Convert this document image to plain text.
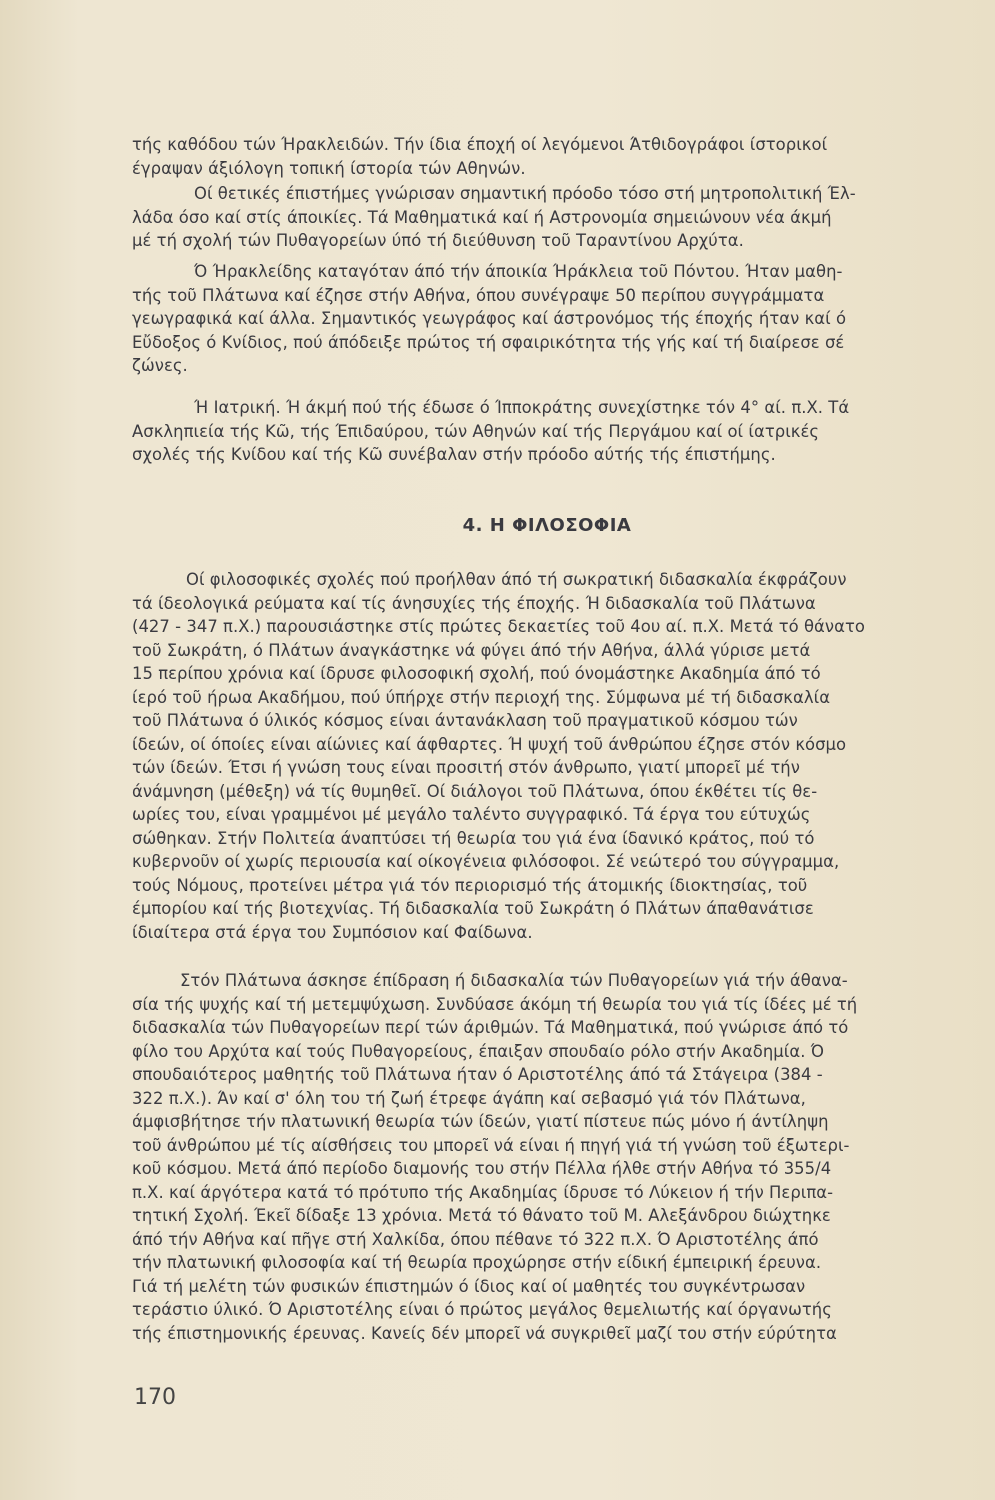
τής καθόδου τών Ήρακλειδών. Τήν ίδια έποχή οί λεγόμενοι Άτθιδογράφοι ίστορικοί
έγραψαν άξιόλογη τοπική ίστορία τών Αθηνών.
Οί θετικές έπιστήμες γνώρισαν σημαντική πρόοδο τόσο στή μητροπολιτική Έλ-
λάδα όσο καί στίς άποικίες. Τά Μαθηματικά καί ή Αστρονομία σημειώνουν νέα άκμή
μέ τή σχολή τών Πυθαγορείων ύπό τή διεύθυνση τοῦ Ταραντίνου Αρχύτα.
Ό Ήρακλείδης καταγόταν άπό τήν άποικία Ήράκλεια τοῦ Πόντου. Ήταν μαθη-
τής τοῦ Πλάτωνα καί έζησε στήν Αθήνα, όπου συνέγραψε 50 περίπου συγγράμματα
γεωγραφικά καί άλλα. Σημαντικός γεωγράφος καί άστρονόμος τής έποχής ήταν καί ό
Εὔδοξος ό Κνίδιος, πού άπόδειξε πρώτος τή σφαιρικότητα τής γής καί τή διαίρεσε σέ
ζώνες.
Ή Ιατρική. Ή άκμή πού τής έδωσε ό Ίπποκράτης συνεχίστηκε τόν 4° αί. π.Χ. Τά
Ασκληπιεία τής Κῶ, τής Έπιδαύρου, τών Αθηνών καί τής Περγάμου καί οί ίατρικές
σχολές τής Κνίδου καί τής Κῶ συνέβαλαν στήν πρόοδο αύτής τής έπιστήμης.
4. Η ΦΙΛΟΣΟΦΙΑ
Οί φιλοσοφικές σχολές πού προήλθαν άπό τή σωκρατική διδασκαλία έκφράζουν
τά ίδεολογικά ρεύματα καί τίς άνησυχίες τής έποχής. Ή διδασκαλία τοῦ Πλάτωνα
(427 - 347 π.Χ.) παρουσιάστηκε στίς πρώτες δεκαετίες τοῦ 4ου αί. π.Χ. Μετά τό θάνατο
τοῦ Σωκράτη, ό Πλάτων άναγκάστηκε νά φύγει άπό τήν Αθήνα, άλλά γύρισε μετά
15 περίπου χρόνια καί ίδρυσε φιλοσοφική σχολή, πού όνομάστηκε Ακαδημία άπό τό
ίερό τοῦ ήρωα Ακαδήμου, πού ύπήρχε στήν περιοχή της. Σύμφωνα μέ τή διδασκαλία
τοῦ Πλάτωνα ό ύλικός κόσμος είναι άντανάκλαση τοῦ πραγματικοῦ κόσμου τών
ίδεών, οί όποίες είναι αίώνιες καί άφθαρτες. Ή ψυχή τοῦ άνθρώπου έζησε στόν κόσμο
τών ίδεών. Έτσι ή γνώση τους είναι προσιτή στόν άνθρωπο, γιατί μπορεῖ μέ τήν
άνάμνηση (μέθεξη) νά τίς θυμηθεῖ. Οί διάλογοι τοῦ Πλάτωνα, όπου έκθέτει τίς θε-
ωρίες του, είναι γραμμένοι μέ μεγάλο ταλέντο συγγραφικό. Τά έργα του εύτυχώς
σώθηκαν. Στήν Πολιτεία άναπτύσει τή θεωρία του γιά ένα ίδανικό κράτος, πού τό
κυβερνοῦν οί χωρίς περιουσία καί οίκογένεια φιλόσοφοι. Σέ νεώτερό του σύγγραμμα,
τούς Νόμους, προτείνει μέτρα γιά τόν περιορισμό τής άτομικής ίδιοκτησίας, τοῦ
έμπορίου καί τής βιοτεχνίας. Τή διδασκαλία τοῦ Σωκράτη ό Πλάτων άπαθανάτισε
ίδιαίτερα στά έργα του Συμπόσιον καί Φαίδωνα.
Στόν Πλάτωνα άσκησε έπίδραση ή διδασκαλία τών Πυθαγορείων γιά τήν άθανα-
σία τής ψυχής καί τή μετεμψύχωση. Συνδύασε άκόμη τή θεωρία του γιά τίς ίδέες μέ τή
διδασκαλία τών Πυθαγορείων περί τών άριθμών. Τά Μαθηματικά, πού γνώρισε άπό τό
φίλο του Αρχύτα καί τούς Πυθαγορείους, έπαιξαν σπουδαίο ρόλο στήν Ακαδημία. Ό
σπουδαιότερος μαθητής τοῦ Πλάτωνα ήταν ό Αριστοτέλης άπό τά Στάγειρα (384 -
322 π.Χ.). Άν καί σ' όλη του τή ζωή έτρεφε άγάπη καί σεβασμό γιά τόν Πλάτωνα,
άμφισβήτησε τήν πλατωνική θεωρία τών ίδεών, γιατί πίστευε πώς μόνο ή άντίληψη
τοῦ άνθρώπου μέ τίς αίσθήσεις του μπορεῖ νά είναι ή πηγή γιά τή γνώση τοῦ έξωτερι-
κοῦ κόσμου. Μετά άπό περίοδο διαμονής του στήν Πέλλα ήλθε στήν Αθήνα τό 355/4
π.Χ. καί άργότερα κατά τό πρότυπο τής Ακαδημίας ίδρυσε τό Λύκειον ή τήν Περιπα-
τητική Σχολή. Έκεῖ δίδαξε 13 χρόνια. Μετά τό θάνατο τοῦ Μ. Αλεξάνδρου διώχτηκε
άπό τήν Αθήνα καί πῆγε στή Χαλκίδα, όπου πέθανε τό 322 π.Χ. Ό Αριστοτέλης άπό
τήν πλατωνική φιλοσοφία καί τή θεωρία προχώρησε στήν είδική έμπειρική έρευνα.
Γιά τή μελέτη τών φυσικών έπιστημών ό ίδιος καί οί μαθητές του συγκέντρωσαν
τεράστιο ύλικό. Ό Αριστοτέλης είναι ό πρώτος μεγάλος θεμελιωτής καί όργανωτής
τής έπιστημονικής έρευνας. Κανείς δέν μπορεῖ νά συγκριθεῖ μαζί του στήν εύρύτητα
170
